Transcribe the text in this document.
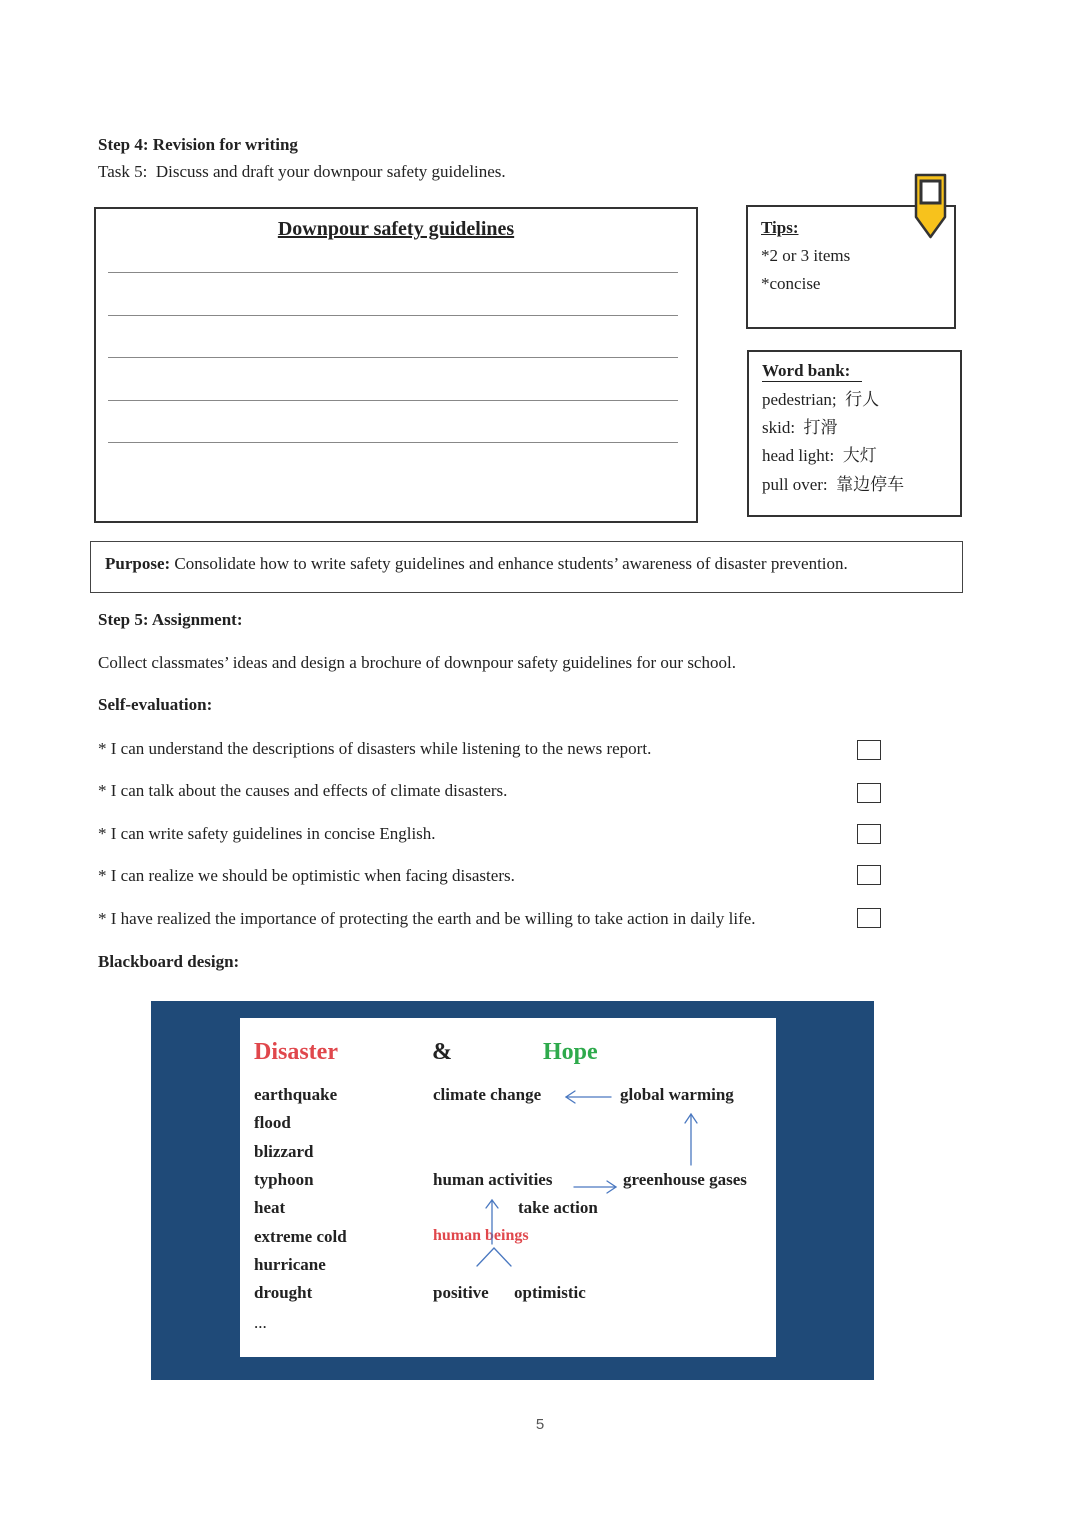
Step 4: Revision for writing
Task 5:  Discuss and draft your downpour safety guidelines.
Downpour safety guidelines	Tips:
*2 or 3 items
*concise
Word bank:
pedestrian;  行人
skid:  打滑
head light:  大灯
pull over:  靠边停车
Purpose: Consolidate how to write safety guidelines and enhance students’ awareness of disaster prevention.
Step 5: Assignment:
Collect classmates’ ideas and design a brochure of downpour safety guidelines for our school.
Self-evaluation:
* I can understand the descriptions of disasters while listening to the news report.
* I can talk about the causes and effects of climate disasters.
* I can write safety guidelines in concise English.
* I can realize we should be optimistic when facing disasters.
* I have realized the importance of protecting the earth and be willing to take action in daily life.
Blackboard design:
Disaster	&	Hope
earthquake
flood
blizzard
typhoon
heat
extreme cold
hurricane
drought
...
climate change	global warming
human activities	greenhouse gases
take action
human beings
positive optimistic
5
